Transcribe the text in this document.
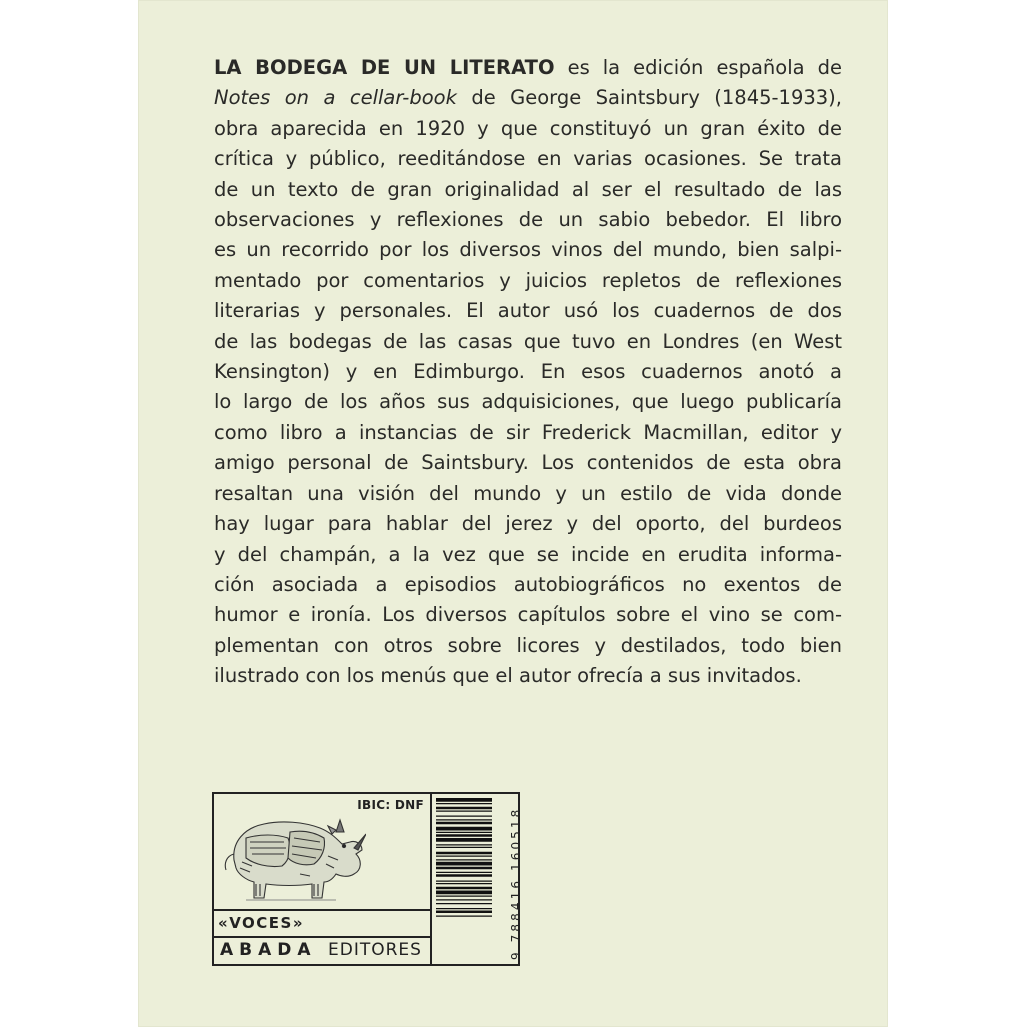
LA BODEGA DE UN LITERATO es la edición española de
Notes on a cellar-book de George Saintsbury (1845-1933),
obra aparecida en 1920 y que constituyó un gran éxito de
crítica y público, reeditándose en varias ocasiones. Se trata
de un texto de gran originalidad al ser el resultado de las
observaciones y reflexiones de un sabio bebedor. El libro
es un recorrido por los diversos vinos del mundo, bien salpi-
mentado por comentarios y juicios repletos de reflexiones
literarias y personales. El autor usó los cuadernos de dos
de las bodegas de las casas que tuvo en Londres (en West
Kensington) y en Edimburgo. En esos cuadernos anotó a
lo largo de los años sus adquisiciones, que luego publicaría
como libro a instancias de sir Frederick Macmillan, editor y
amigo personal de Saintsbury. Los contenidos de esta obra
resaltan una visión del mundo y un estilo de vida donde
hay lugar para hablar del jerez y del oporto, del burdeos
y del champán, a la vez que se incide en erudita informa-
ción asociada a episodios autobiográficos no exentos de
humor e ironía. Los diversos capítulos sobre el vino se com-
plementan con otros sobre licores y destilados, todo bien
ilustrado con los menús que el autor ofrecía a sus invitados.
IBIC: DNF
«VOCES»
ABADA EDITORES	9 788416 160518
